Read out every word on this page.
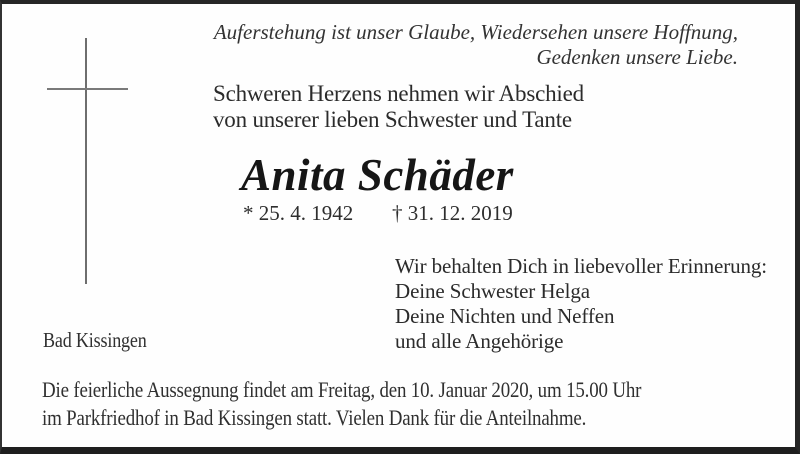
Auferstehung ist unser Glaube, Wiedersehen unsere Hoffnung,
Gedenken unsere Liebe.
Schweren Herzens nehmen wir Abschied
von unserer lieben Schwester und Tante
Anita Schäder
* 25. 4. 1942 † 31. 12. 2019
Wir behalten Dich in liebevoller Erinnerung:
Deine Schwester Helga
Deine Nichten und Neffen
und alle Angehörige
Bad Kissingen
Die feierliche Aussegnung findet am Freitag, den 10. Januar 2020, um 15.00 Uhr
im Parkfriedhof in Bad Kissingen statt. Vielen Dank für die Anteilnahme.
